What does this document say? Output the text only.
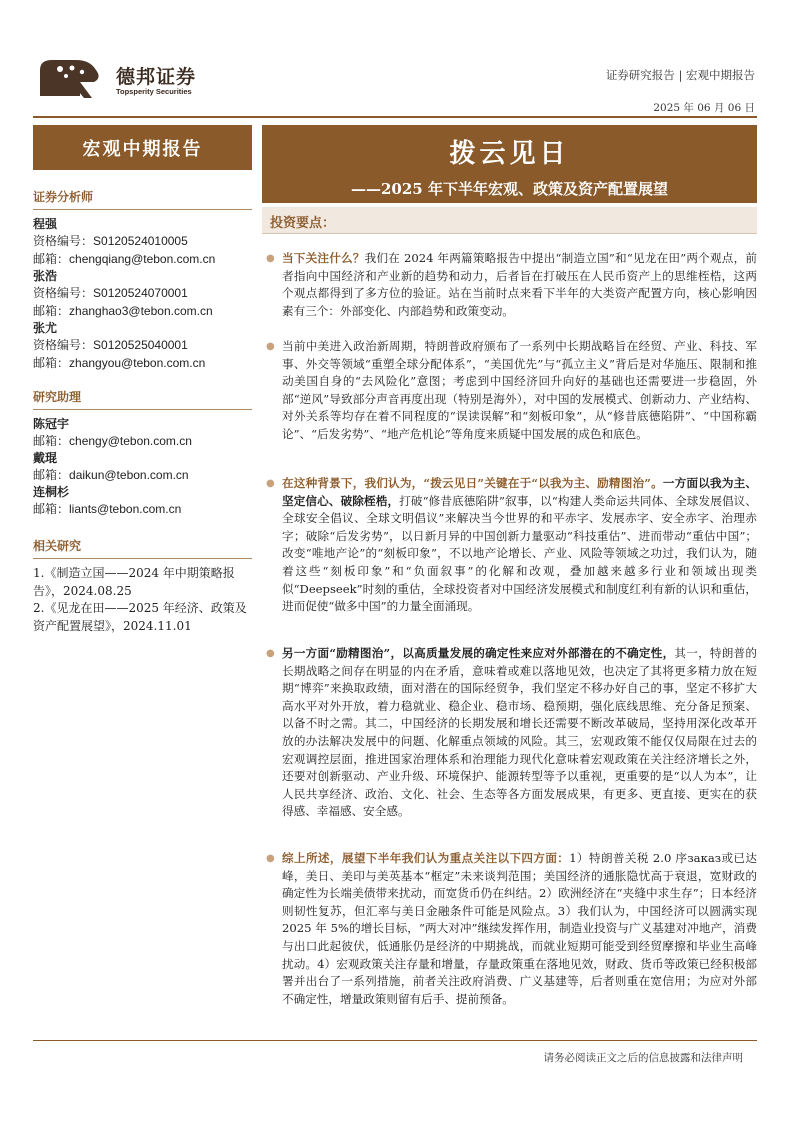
德邦证券
Topsperity Securities
证券研究报告 | 宏观中期报告
2025 年 06 月 06 日
宏观中期报告
证券分析师
程强
资格编号：S0120524010005
邮箱：chengqiang@tebon.com.cn
张浩
资格编号：S0120524070001
邮箱：zhanghao3@tebon.com.cn
张尤
资格编号：S0120525040001
邮箱：zhangyou@tebon.com.cn
研究助理
陈冠宇
邮箱：chengy@tebon.com.cn
戴琨
邮箱：daikun@tebon.com.cn
连桐杉
邮箱：liants@tebon.com.cn
相关研究
1.《制造立国——2024 年中期策略报告》，2024.08.25
2.《见龙在田——2025 年经济、政策及资产配置展望》，2024.11.01
拨云见日
——2025 年下半年宏观、政策及资产配置展望
投资要点：
● 当下关注什么？我们在 2024 年两篇策略报告中提出“制造立国”和“见龙在田”两个观点，前者指向中国经济和产业新的趋势和动力，后者旨在打破压在人民币资产上的思维桎梏，这两个观点都得到了多方位的验证。站在当前时点来看下半年的大类资产配置方向，核心影响因素有三个：外部变化、内部趋势和政策变动。
● 当前中美进入政治新周期，特朗普政府颁布了一系列中长期战略旨在经贸、产业、科技、军事、外交等领域“重塑全球分配体系”，“美国优先”与“孤立主义”背后是对华施压、限制和推动美国自身的“去风险化”意图；考虑到中国经济回升向好的基础也还需要进一步稳固，外部“逆风”导致部分声音再度出现（特别是海外），对中国的发展模式、创新动力、产业结构、对外关系等均存在着不同程度的“误读误解”和“刻板印象”，从“修昔底德陷阱”、“中国称霸论”、“后发劣势”、“地产危机论”等角度来质疑中国发展的成色和底色。
● 在这种背景下，我们认为，“拨云见日”关键在于“以我为主、励精图治”。一方面以我为主、坚定信心、破除桎梏，打破“修昔底德陷阱”叙事，以“构建人类命运共同体、全球发展倡议、全球安全倡议、全球文明倡议”来解决当今世界的和平赤字、发展赤字、安全赤字、治理赤字；破除“后发劣势”，以日新月异的中国创新力量驱动“科技重估”、进而带动“重估中国”；改变“唯地产论”的“刻板印象”，不以地产论增长、产业、风险等领域之功过，我们认为，随着这些“刻板印象”和“负面叙事”的化解和改观，叠加越来越多行业和领域出现类似“Deepseek”时刻的重估，全球投资者对中国经济发展模式和制度红利有新的认识和重估，进而促使“做多中国”的力量全面涌现。
● 另一方面“励精图治”，以高质量发展的确定性来应对外部潜在的不确定性，其一，特朗普的长期战略之间存在明显的内在矛盾，意味着或难以落地见效，也决定了其将更多精力放在短期“博弈”来换取政绩，面对潜在的国际经贸争，我们坚定不移办好自己的事，坚定不移扩大高水平对外开放，着力稳就业、稳企业、稳市场、稳预期，强化底线思维、充分备足预案、以备不时之需。其二，中国经济的长期发展和增长还需要不断改革破局，坚持用深化改革开放的办法解决发展中的问题、化解重点领域的风险。其三，宏观政策不能仅仅局限在过去的宏观调控层面，推进国家治理体系和治理能力现代化意味着宏观政策在关注经济增长之外，还要对创新驱动、产业升级、环境保护、能源转型等予以重视，更重要的是“以人为本”，让人民共享经济、政治、文化、社会、生态等各方面发展成果，有更多、更直接、更实在的获得感、幸福感、安全感。
● 综上所述，展望下半年我们认为重点关注以下四方面：1）特朗普关税 2.0 序заказ或已达峰，美日、美印与美英基本“框定”未来谈判范围；美国经济的通胀隐忧高于衰退，宽财政的确定性为长端美债带来扰动，而宽货币仍在纠结。2）欧洲经济在“夹缝中求生存”；日本经济则韧性复苏，但汇率与美日金融条件可能是风险点。3）我们认为，中国经济可以圆满实现 2025 年 5%的增长目标，“两大对冲”继续发挥作用，制造业投资与广义基建对冲地产，消费与出口此起彼伏，低通胀仍是经济的中期挑战，而就业短期可能受到经贸摩擦和毕业生高峰扰动。4）宏观政策关注存量和增量，存量政策重在落地见效，财政、货币等政策已经积极部署并出台了一系列措施，前者关注政府消费、广义基建等，后者则重在宽信用；为应对外部不确定性，增量政策则留有后手、提前预备。
请务必阅读正文之后的信息披露和法律声明
